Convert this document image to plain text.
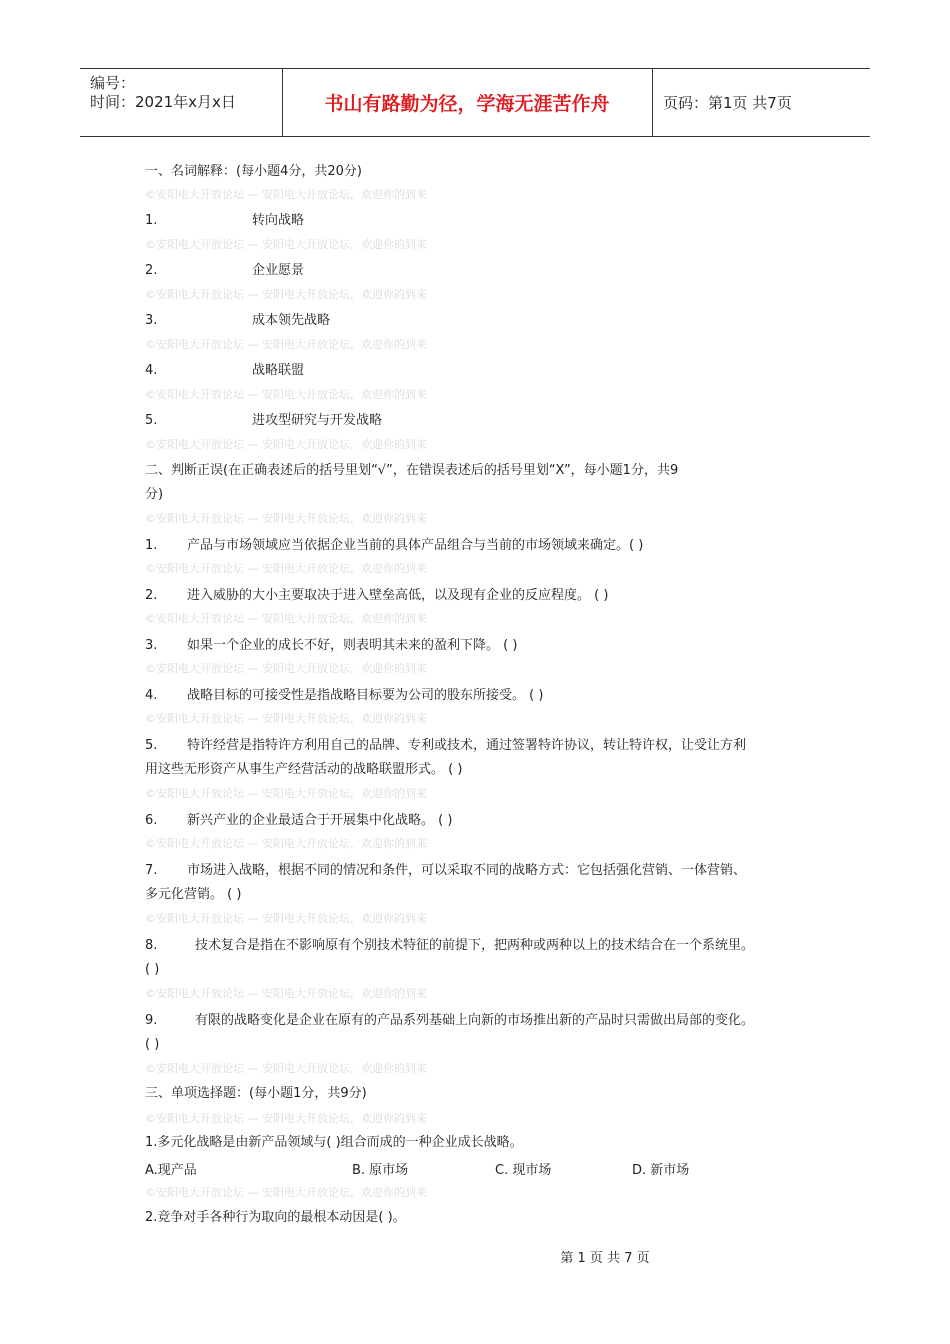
编号：
时间：2021年x月x日	书山有路勤为径，学海无涯苦作舟	页码：第1页 共7页
一、名词解释：(每小题4分，共20分)
©安阳电大开放论坛 — 安阳电大开放论坛，欢迎你的到来
©安阳电大开放论坛 — 安阳电大开放论坛，欢迎你的到来
©安阳电大开放论坛 — 安阳电大开放论坛，欢迎你的到来
©安阳电大开放论坛 — 安阳电大开放论坛，欢迎你的到来
©安阳电大开放论坛 — 安阳电大开放论坛，欢迎你的到来
©安阳电大开放论坛 — 安阳电大开放论坛，欢迎你的到来
1.	转向战略
2.	企业愿景
3.	成本领先战略
4.	战略联盟
5.	进攻型研究与开发战略
二、判断正误(在正确表述后的括号里划“√”，在错误表述后的括号里划“X”，每小题1分，共9
分)
©安阳电大开放论坛 — 安阳电大开放论坛，欢迎你的到来
©安阳电大开放论坛 — 安阳电大开放论坛，欢迎你的到来
©安阳电大开放论坛 — 安阳电大开放论坛，欢迎你的到来
©安阳电大开放论坛 — 安阳电大开放论坛，欢迎你的到来
©安阳电大开放论坛 — 安阳电大开放论坛，欢迎你的到来
©安阳电大开放论坛 — 安阳电大开放论坛，欢迎你的到来
©安阳电大开放论坛 — 安阳电大开放论坛，欢迎你的到来
©安阳电大开放论坛 — 安阳电大开放论坛，欢迎你的到来
©安阳电大开放论坛 — 安阳电大开放论坛，欢迎你的到来
©安阳电大开放论坛 — 安阳电大开放论坛，欢迎你的到来
1. 产品与市场领域应当依据企业当前的具体产品组合与当前的市场领域来确定。( )
2. 进入威胁的大小主要取决于进入壁垒高低，以及现有企业的反应程度。 ( )
3. 如果一个企业的成长不好，则表明其未来的盈利下降。 ( )
4. 战略目标的可接受性是指战略目标要为公司的股东所接受。 ( )
5. 特许经营是指特许方利用自己的品牌、专利或技术，通过签署特许协议，转让特许权，让受让方利
用这些无形资产从事生产经营活动的战略联盟形式。 ( )
6. 新兴产业的企业最适合于开展集中化战略。 ( )
7. 市场进入战略，根据不同的情况和条件，可以采取不同的战略方式：它包括强化营销、一体营销、
多元化营销。 ( )
8.	技术复合是指在不影响原有个别技术特征的前提下，把两种或两种以上的技术结合在一个系统里。
( )
9.	有限的战略变化是企业在原有的产品系列基础上向新的市场推出新的产品时只需做出局部的变化。
( )
三、单项选择题：(每小题1分，共9分)
©安阳电大开放论坛 — 安阳电大开放论坛，欢迎你的到来
1.多元化战略是由新产品领域与( )组合而成的一种企业成长战略。
A.现产品	B. 原市场	C. 现市场	D. 新市场
©安阳电大开放论坛 — 安阳电大开放论坛，欢迎你的到来
2.竞争对手各种行为取向的最根本动因是( )。
第 1 页 共 7 页
